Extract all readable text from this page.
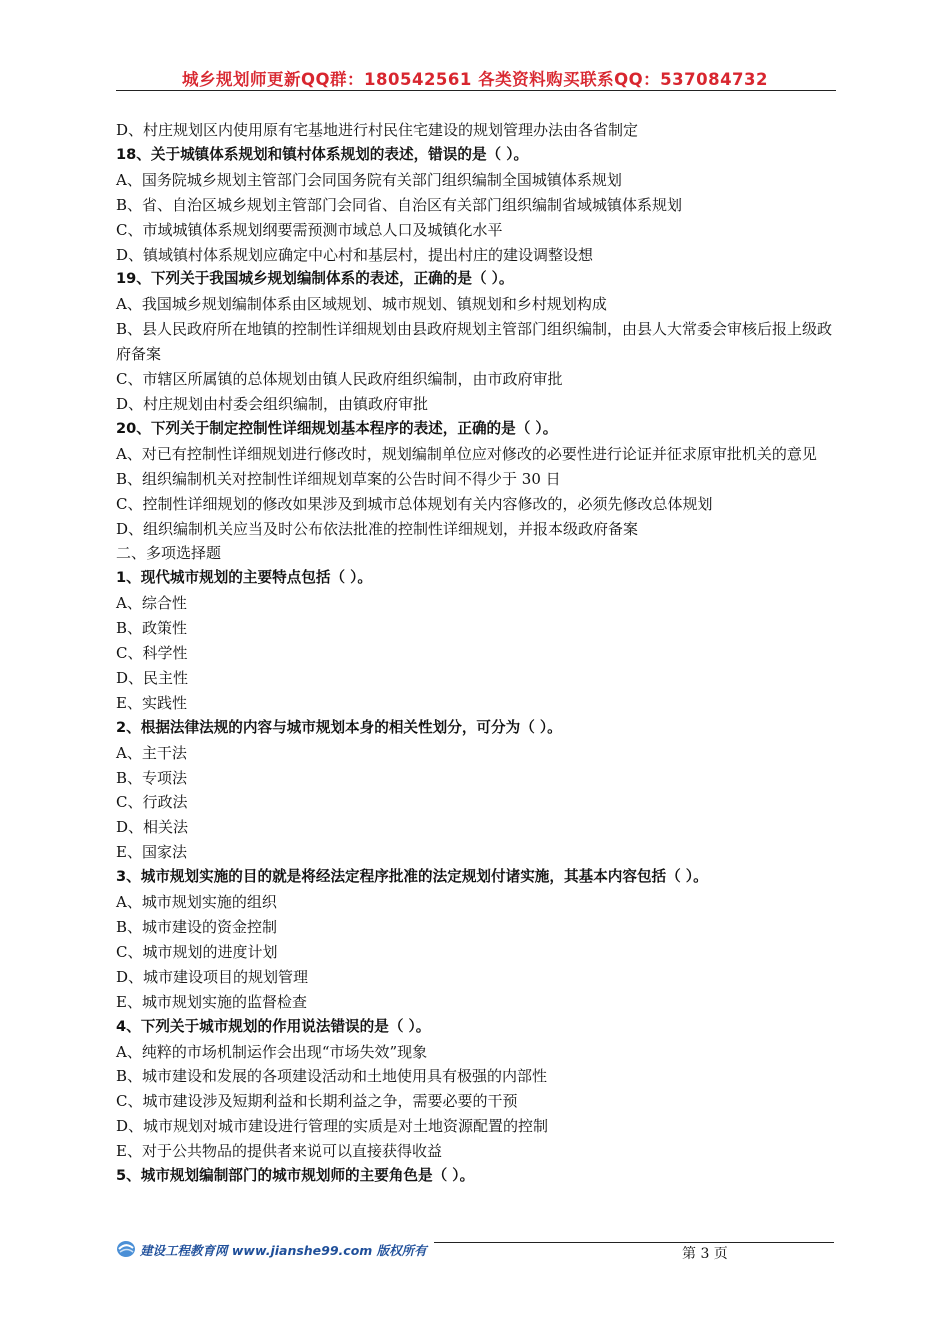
城乡规划师更新QQ群：180542561 各类资料购买联系QQ：537084732
D、村庄规划区内使用原有宅基地进行村民住宅建设的规划管理办法由各省制定
18、关于城镇体系规划和镇村体系规划的表述，错误的是（ ）。
A、国务院城乡规划主管部门会同国务院有关部门组织编制全国城镇体系规划
B、省、自治区城乡规划主管部门会同省、自治区有关部门组织编制省域城镇体系规划
C、市域城镇体系规划纲要需预测市域总人口及城镇化水平
D、镇域镇村体系规划应确定中心村和基层村，提出村庄的建设调整设想
19、下列关于我国城乡规划编制体系的表述，正确的是（ ）。
A、我国城乡规划编制体系由区域规划、城市规划、镇规划和乡村规划构成
B、县人民政府所在地镇的控制性详细规划由县政府规划主管部门组织编制，由县人大常委会审核后报上级政府备案
C、市辖区所属镇的总体规划由镇人民政府组织编制，由市政府审批
D、村庄规划由村委会组织编制，由镇政府审批
20、下列关于制定控制性详细规划基本程序的表述，正确的是（ ）。
A、对已有控制性详细规划进行修改时，规划编制单位应对修改的必要性进行论证并征求原审批机关的意见
B、组织编制机关对控制性详细规划草案的公告时间不得少于 30 日
C、控制性详细规划的修改如果涉及到城市总体规划有关内容修改的，必须先修改总体规划
D、组织编制机关应当及时公布依法批准的控制性详细规划，并报本级政府备案
二、多项选择题
1、现代城市规划的主要特点包括（ ）。
A、综合性
B、政策性
C、科学性
D、民主性
E、实践性
2、根据法律法规的内容与城市规划本身的相关性划分，可分为（ ）。
A、主干法
B、专项法
C、行政法
D、相关法
E、国家法
3、城市规划实施的目的就是将经法定程序批准的法定规划付诸实施，其基本内容包括（ ）。
A、城市规划实施的组织
B、城市建设的资金控制
C、城市规划的进度计划
D、城市建设项目的规划管理
E、城市规划实施的监督检查
4、下列关于城市规划的作用说法错误的是（ ）。
A、纯粹的市场机制运作会出现“市场失效”现象
B、城市建设和发展的各项建设活动和土地使用具有极强的内部性
C、城市建设涉及短期利益和长期利益之争，需要必要的干预
D、城市规划对城市建设进行管理的实质是对土地资源配置的控制
E、对于公共物品的提供者来说可以直接获得收益
5、城市规划编制部门的城市规划师的主要角色是（ ）。
建设工程教育网 www.jianshe99.com 版权所有	第 3 页
